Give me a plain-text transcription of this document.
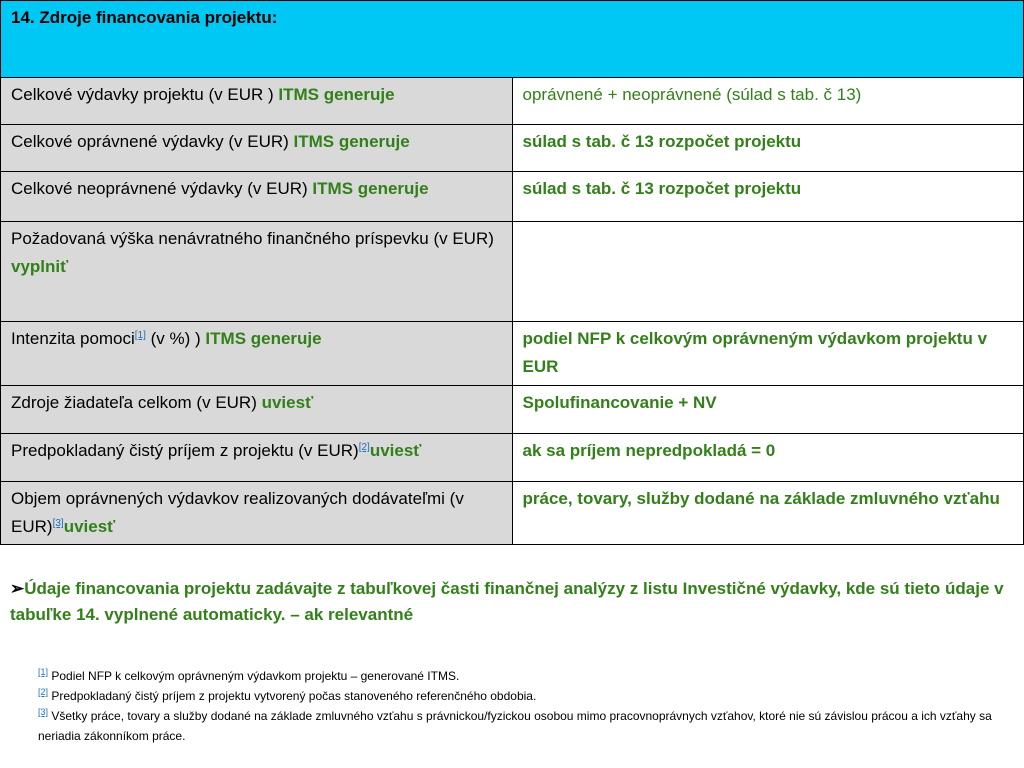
14. Zdroje financovania projektu:	
Celkové výdavky projektu (v EUR ) ITMS generuje	oprávnené + neoprávnené (súlad s tab. č 13)
Celkové oprávnené výdavky (v EUR) ITMS generuje	súlad s tab. č 13 rozpočet projektu
Celkové neoprávnené výdavky (v EUR) ITMS generuje	súlad s tab. č 13 rozpočet projektu
Požadovaná výška nenávratného finančného príspevku (v EUR) vyplniť	
Intenzita pomoci[1] (v %) ) ITMS generuje	podiel NFP k celkovým oprávneným výdavkom projektu v EUR
Zdroje žiadateľa celkom (v EUR) uviesť	Spolufinancovanie + NV
Predpokladaný čistý príjem z projektu (v EUR)[2]uviesť	ak sa príjem nepredpokladá = 0
Objem oprávnených výdavkov realizovaných dodávateľmi (v EUR)[3]uviesť	práce, tovary, služby dodané na základe zmluvného vzťahu
➢Údaje financovania projektu zadávajte z tabuľkovej časti finančnej analýzy z listu Investičné výdavky, kde sú tieto údaje v tabuľke 14. vyplnené automaticky. – ak relevantné
[1] Podiel NFP k celkovým oprávneným výdavkom projektu – generované ITMS.
[2] Predpokladaný čistý príjem z projektu vytvorený počas stanoveného referenčného obdobia.
[3] Všetky práce, tovary a služby dodané na základe zmluvného vzťahu s právnickou/fyzickou osobou mimo pracovnoprávnych vzťahov, ktoré nie sú závislou prácou a ich vzťahy sa neriadia zákonníkom práce.
